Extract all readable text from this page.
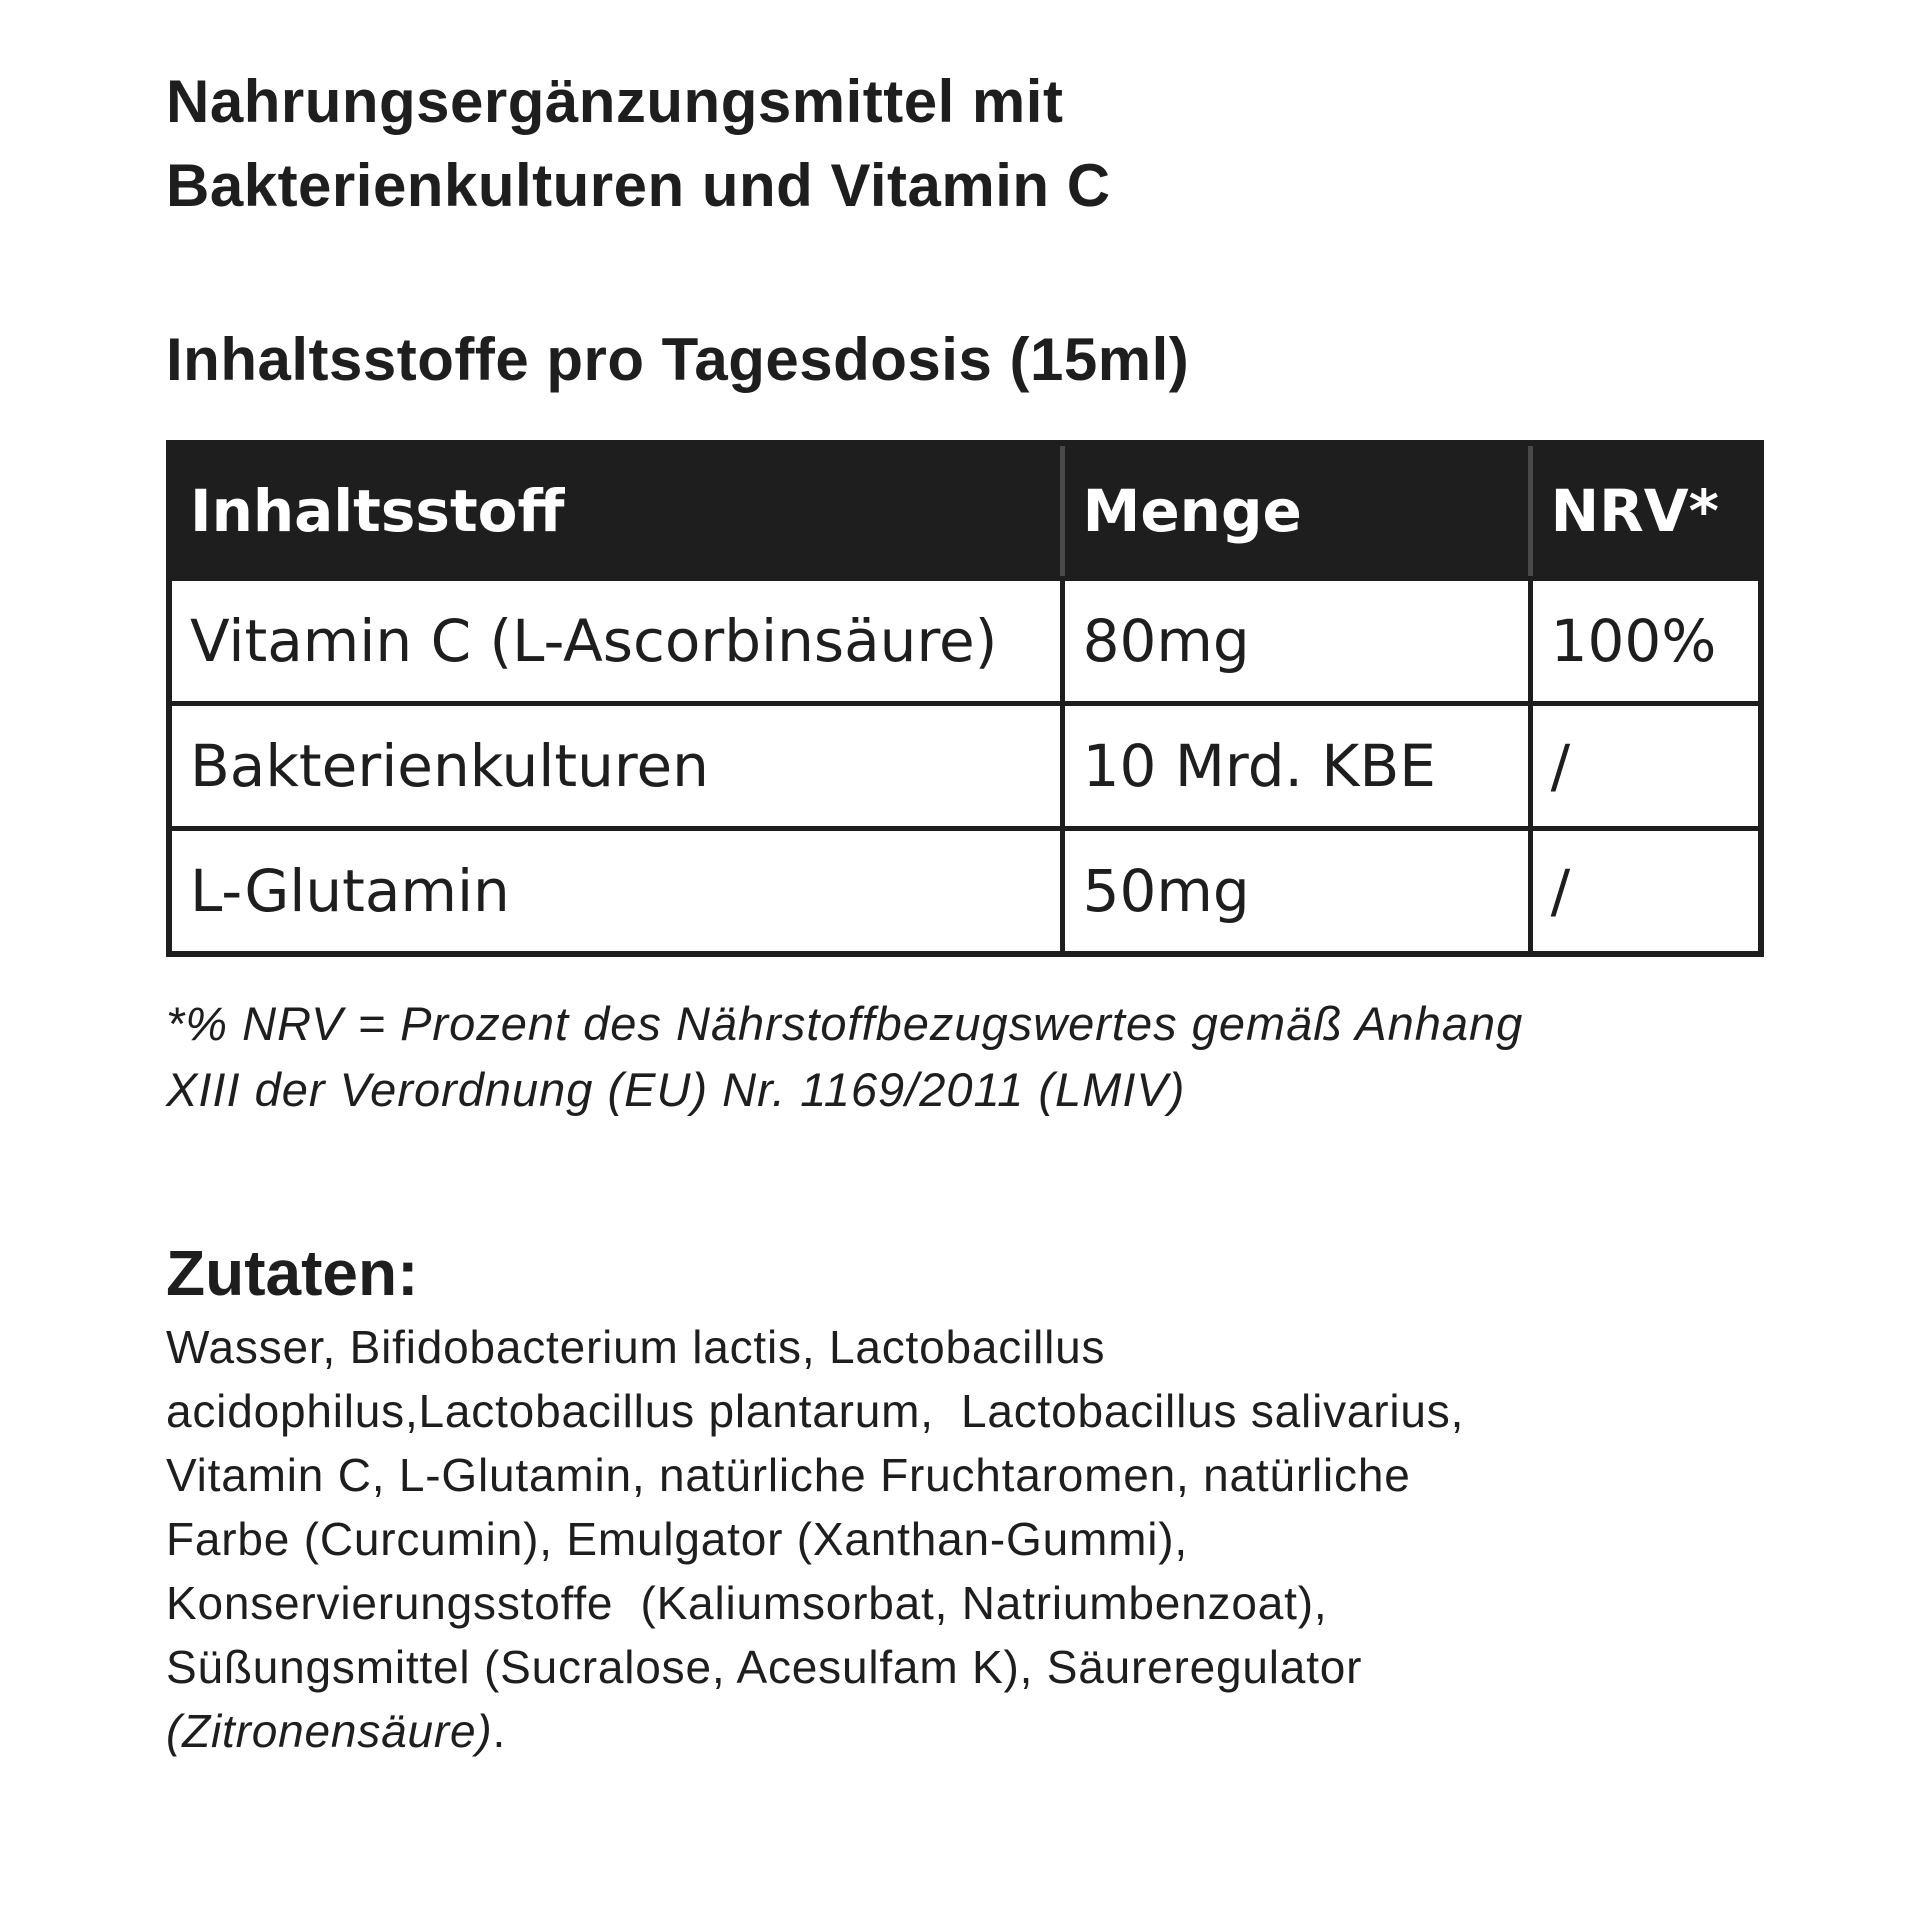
Nahrungsergänzungsmittel mit
Bakterienkulturen und Vitamin C
Inhaltsstoffe pro Tagesdosis (15ml)
Inhaltsstoff	Menge	NRV*
Vitamin C (L-Ascorbinsäure)	80mg	100%
Bakterienkulturen	10 Mrd. KBE	/
L-Glutamin	50mg	/

*% NRV = Prozent des Nährstoffbezugswertes gemäß Anhang
XIII der Verordnung (EU) Nr. 1169/2011 (LMIV)

Zutaten:

Wasser, Bifidobacterium lactis, Lactobacillus
acidophilus,Lactobacillus plantarum,  Lactobacillus salivarius,
Vitamin C, L-Glutamin, natürliche Fruchtaromen, natürliche
Farbe (Curcumin), Emulgator (Xanthan-Gummi),
Konservierungsstoffe  (Kaliumsorbat, Natriumbenzoat),
Süßungsmittel (Sucralose, Acesulfam K), Säureregulator
(Zitronensäure).
